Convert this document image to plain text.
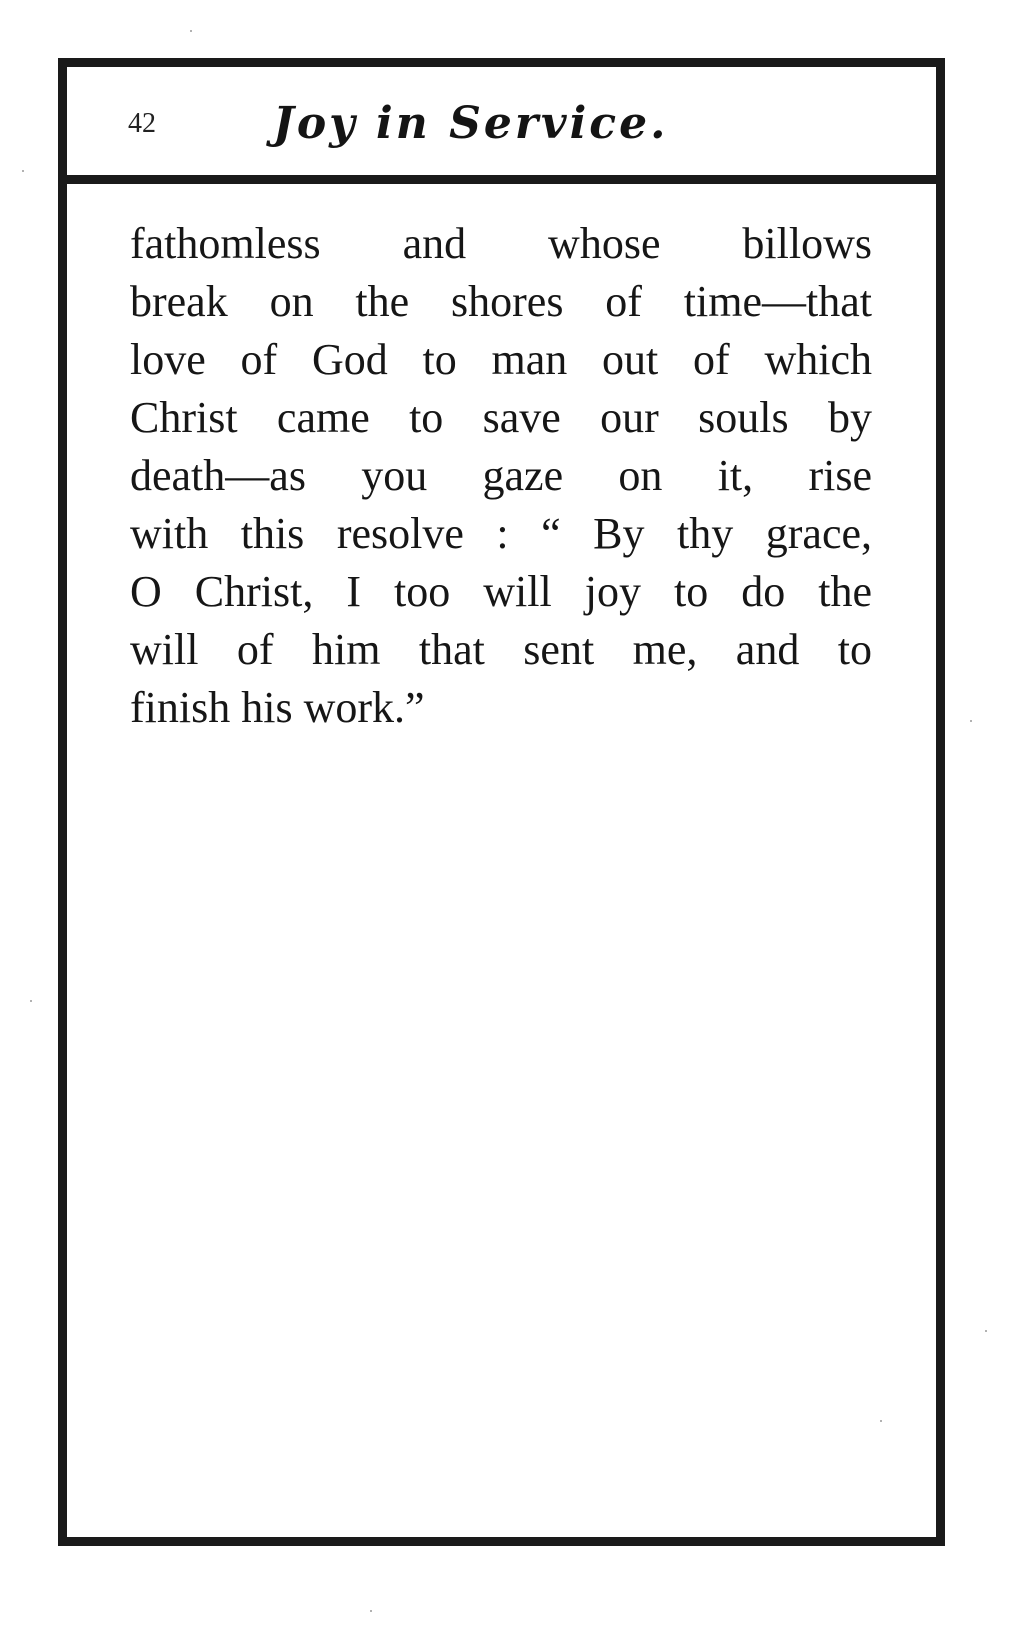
42	Joy in Service.
fathomless and whose billows
break on the shores of time—that
love of God to man out of which
Christ came to save our souls by
death—as you gaze on it, rise
with this resolve : “ By thy grace,
O Christ, I too will joy to do the
will of him that sent me, and to
finish his work.”
